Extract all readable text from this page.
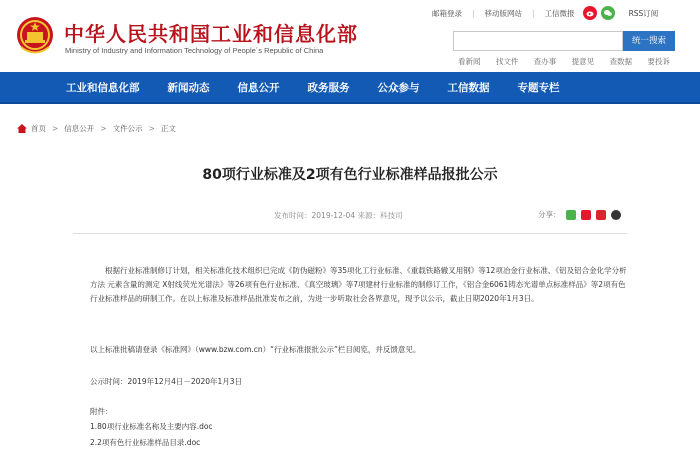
中华人民共和国工业和信息化部
Ministry of Industry and Information Technology of People´s Republic of China
邮箱登录 | 移动版网站 | 工信微报	RSS订阅
统一搜索
看新闻 找文件 查办事 提意见 查数据 要投诉
工业和信息化部	新闻动态	信息公开	政务服务	公众参与	工信数据	专题专栏
首页 > 信息公开 > 文件公示 > 正文
80项行业标准及2项有色行业标准样品报批公示
发布时间：2019-12-04 来源：科技司	分享：
根据行业标准制修订计划，相关标准化技术组织已完成《防伪磁粉》等35项化工行业标准、《重载铁路辙叉用钢》等12项冶金行业标准、《铝及铝合金化学分析方法 元素含量的测定 X射线荧光光谱法》等26项有色行业标准、《真空玻璃》等7项建材行业标准的制修订工作，《铝合金6061铸态光谱单点标准样品》等2项有色行业标准样品的研制工作。在以上标准及标准样品批准发布之前，为进一步听取社会各界意见，现予以公示，截止日期2020年1月3日。
以上标准批稿请登录《标准网》（www.bzw.com.cn）“行业标准报批公示”栏目阅览，并反馈意见。
公示时间：2019年12月4日－2020年1月3日
附件：
1.80项行业标准名称及主要内容.doc
2.2项有色行业标准样品目录.doc
